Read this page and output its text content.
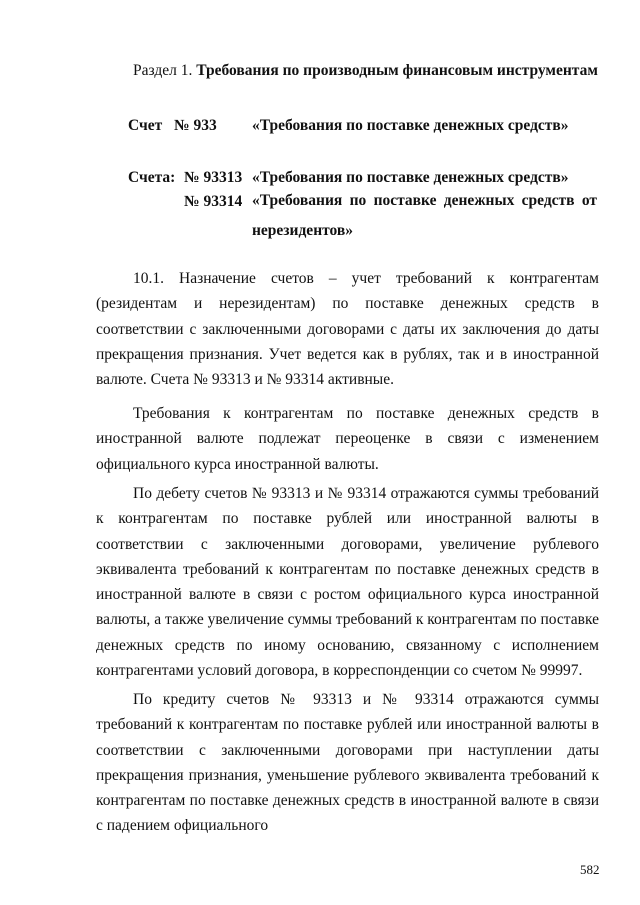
Раздел 1. Требования по производным финансовым инструментам
Счет № 933 «Требования по поставке денежных средств»
Счета: № 93313 «Требования по поставке денежных средств»
№ 93314 «Требования по поставке денежных средств от нерезидентов»
10.1. Назначение счетов – учет требований к контрагентам (резидентам и нерезидентам) по поставке денежных средств в соответствии с заключенными договорами с даты их заключения до даты прекращения признания. Учет ведется как в рублях, так и в иностранной валюте. Счета № 93313 и № 93314 активные.
Требования к контрагентам по поставке денежных средств в иностранной валюте подлежат переоценке в связи с изменением официального курса иностранной валюты.
По дебету счетов № 93313 и № 93314 отражаются суммы требований к контрагентам по поставке рублей или иностранной валюты в соответствии с заключенными договорами, увеличение рублевого эквивалента требований к контрагентам по поставке денежных средств в иностранной валюте в связи с ростом официального курса иностранной валюты, а также увеличение суммы требований к контрагентам по поставке денежных средств по иному основанию, связанному с исполнением контрагентами условий договора, в корреспонденции со счетом № 99997.
По кредиту счетов № 93313 и № 93314 отражаются суммы требований к контрагентам по поставке рублей или иностранной валюты в соответствии с заключенными договорами при наступлении даты прекращения признания, уменьшение рублевого эквивалента требований к контрагентам по поставке денежных средств в иностранной валюте в связи с падением официального
582
